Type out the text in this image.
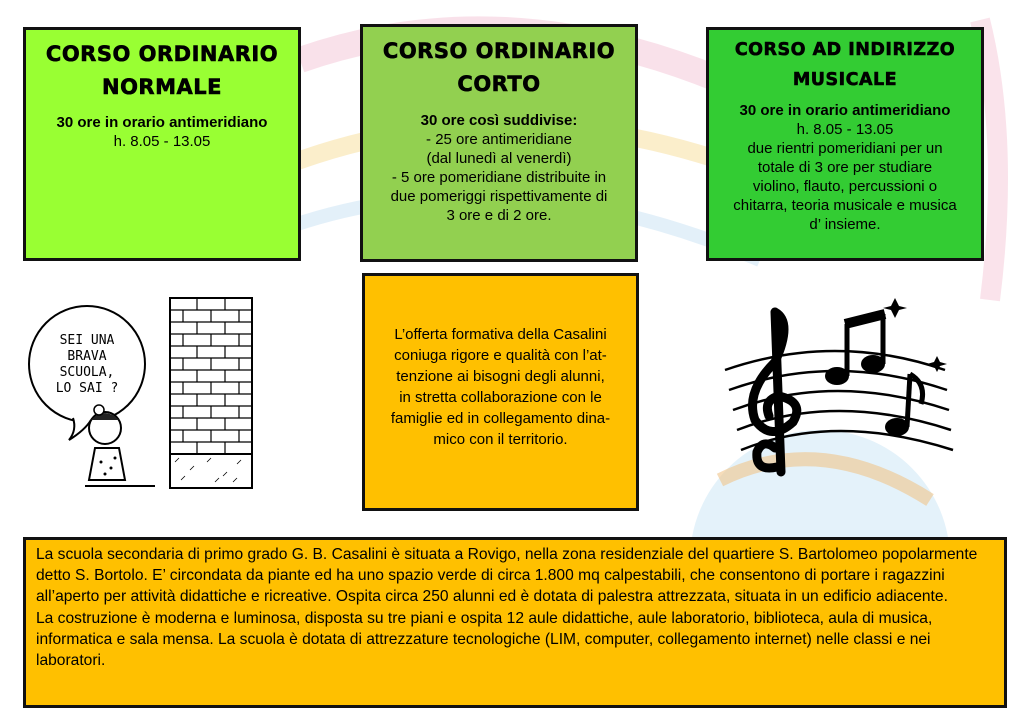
CORSO ORDINARIO
NORMALE
30 ore in orario antimeridiano
h. 8.05 - 13.05
CORSO ORDINARIO
CORTO
30 ore così suddivise:
- 25 ore antimeridiane
(dal lunedì al venerdì)
- 5 ore pomeridiane distribuite in
due pomeriggi rispettivamente di
3 ore e di 2 ore.
CORSO AD INDIRIZZO
MUSICALE
30 ore in orario antimeridiano
h. 8.05 - 13.05
due rientri pomeridiani per un
totale di 3 ore per studiare
violino, flauto, percussioni o
chitarra, teoria musicale e musica
d’ insieme.
SEI UNA
BRAVA
SCUOLA,
LO SAI ?
L’offerta formativa della Casalini
coniuga rigore e qualità con l’at-
tenzione ai bisogni degli alunni,
in stretta collaborazione con le
famiglie ed in collegamento dina-
mico con il territorio.

La scuola secondaria di primo grado G. B. Casalini è situata a Rovigo, nella zona residenziale del quartiere S. Bartolomeo popolarmente detto S. Bortolo. E’ circondata da piante ed ha uno spazio verde di circa 1.800 mq calpestabili, che consentono di portare i ragazzini all’aperto per attività didattiche e ricreative. Ospita circa 250 alunni ed è dotata di palestra attrezzata, situata in un edificio adiacente.

La costruzione è moderna e luminosa, disposta su tre piani e ospita 12 aule didattiche, aule laboratorio, biblioteca, aula di musica, informatica e sala mensa. La scuola è dotata di attrezzature tecnologiche (LIM, computer, collegamento internet) nelle classi e nei laboratori.
